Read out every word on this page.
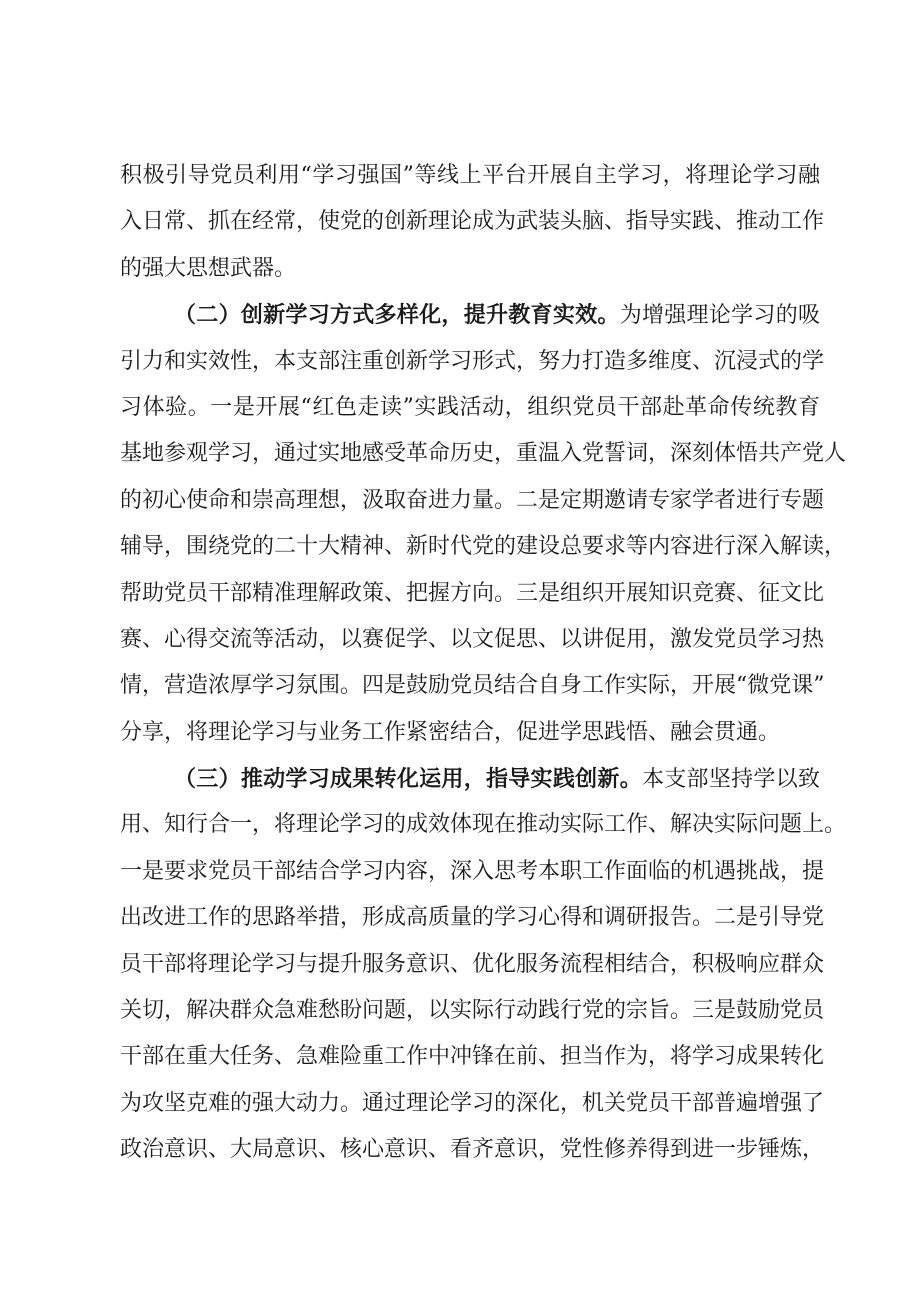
积极引导党员利用“学习强国”等线上平台开展自主学习，将理论学习融
入日常、抓在经常，使党的创新理论成为武装头脑、指导实践、推动工作
的强大思想武器。
（二）创新学习方式多样化，提升教育实效。为增强理论学习的吸
引力和实效性，本支部注重创新学习形式，努力打造多维度、沉浸式的学
习体验。一是开展“红色走读”实践活动，组织党员干部赴革命传统教育
基地参观学习，通过实地感受革命历史，重温入党誓词，深刻体悟共产党人
的初心使命和崇高理想，汲取奋进力量。二是定期邀请专家学者进行专题
辅导，围绕党的二十大精神、新时代党的建设总要求等内容进行深入解读，
帮助党员干部精准理解政策、把握方向。三是组织开展知识竞赛、征文比
赛、心得交流等活动，以赛促学、以文促思、以讲促用，激发党员学习热
情，营造浓厚学习氛围。四是鼓励党员结合自身工作实际，开展“微党课”
分享，将理论学习与业务工作紧密结合，促进学思践悟、融会贯通。
（三）推动学习成果转化运用，指导实践创新。本支部坚持学以致
用、知行合一，将理论学习的成效体现在推动实际工作、解决实际问题上。
一是要求党员干部结合学习内容，深入思考本职工作面临的机遇挑战，提
出改进工作的思路举措，形成高质量的学习心得和调研报告。二是引导党
员干部将理论学习与提升服务意识、优化服务流程相结合，积极响应群众
关切，解决群众急难愁盼问题，以实际行动践行党的宗旨。三是鼓励党员
干部在重大任务、急难险重工作中冲锋在前、担当作为，将学习成果转化
为攻坚克难的强大动力。通过理论学习的深化，机关党员干部普遍增强了
政治意识、大局意识、核心意识、看齐意识，党性修养得到进一步锤炼，
